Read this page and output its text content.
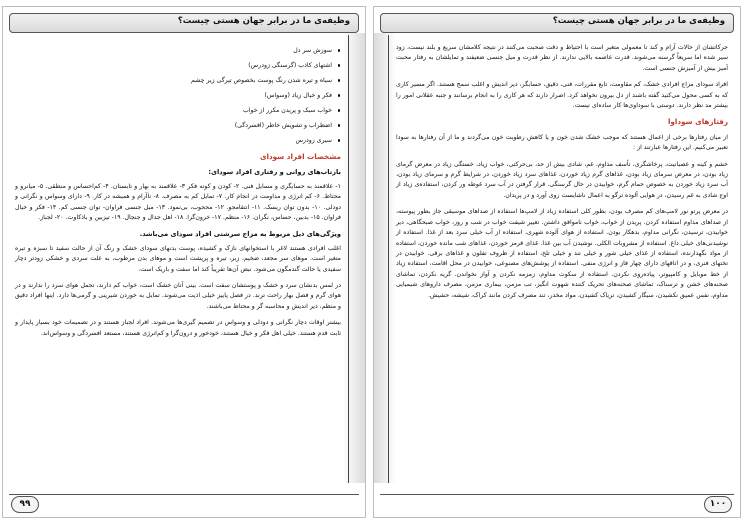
وظیفه‌ی ما در برابر جهان هستی چیست؟
سوزش سر دل
اشتهای کاذب (گرسنگی زودرس)
سیاه و تیره شدن رنگ پوست بخصوص تیرگی زیر چشم
فکر و خیال زیاد (وسواس)
خواب سبک و پریدن مکرر از خواب
اضطراب و تشویش خاطر (افسردگی)
سیری زودرس
مشخصات افراد سودای
بازتاب‌های روانی و رفتاری افراد سودای:

۱- علاقمند به حسابگری و مسایل فنی. ۲- کودن و کوته فکر ۳- علاقمند به بهار و تابستان. ۴- کم‌احساس و منطقی. ۵- میانرو و محتاط. ۶- کم انرژی و مداومت در انجام کار. ۷- تمایل کم به مصرف. ۸- ناآرام و همیشه در کار. ۹- دارای وسواس و نگرانی و دودلی. ۱۰- بدون توان ریسک. ۱۱- انتقامجو. ۱۲- محجوب، بی‌نمود. ۱۳- میل جنسی فراوان- توان جنسی کم. ۱۴- فکر و خیال فراوان. ۱۵- بدبین، حساس، نگران. ۱۶- منظم. ۱۷- خرون‌گرا. ۱۸- اهل جدال و جنجال. ۱۹- تیزبین و باذکاوت. ۲۰- لجباز.

ویژگی‌های ذیل مربوط به مزاج سرشتی افراد سودای می‌باشد.

اغلب افرادی هستند لاغر با استخوانهای نازک و کشیده، پوست بدنهای سودای خشک و رنگ آن از حالت سفید تا سبزه و تیره متغیر است. موهای سر مجعد، ضخیم، زبر، تیره و پرپشت است و موهای بدن مرطوب، به علت سردی و خشکی زودتر دچار سفیدی یا حالت گندمگون می‌شود. نبض آن‌ها تقریباً کند اما سفت و باریک است.

در لمس بدنشان سرد و خشک و پوستشان سفت است. بینی آنان خشک است، خواب کم دارند، تحمل هوای سرد را ندارند و در هوای گرم و فصل بهار راحت ترند. در فصل پاییز خیلی اذیت می‌شوند. تمایل به خوردن شیرینی و گرمی‌ها دارد. اینها افراد دقیق و منظم، دیر اندیش و محاسبه گر و محتاط می‌باشند.

بیشتر اوقات دچار نگرانی و دودلی و وسواس در تصمیم گیری‌ها می‌شوند. افراد لجباز هستند و در تصمیمات خود بسیار پایدار و ثابت قدم هستند. خیلی اهل فکر و خیال هستند، خودخور و درون‌گرا و کم‌انرژی هستند، مستعد افسردگی و وسواس‌اند.

۹۹
وظیفه‌ی ما در برابر جهان هستی چیست؟

حرکاتشان از حالات آرام و کند تا معمولی متغیر است با احتیاط و دقت صحبت می‌کنند در نتیجه کلامشان سریع و بلند نیست، زود سیر شده اما سریعاً گرسنه می‌شوند. قدرت عاصمه بالایی ندارند. از نظر قدرت و میل جنسی ضعیفند و تمایلشان به رفتار محبت آمیز بیش از آمیزش جنسی است.

افراد سودای مزاج افرادی خشک، کم مقاومت، تابع مقررات، فنی، دقیق، حسابگر، دیر اندیش و اغلب سمج هستند. اگر مسیر کاری که به کسی محول می‌کنید گفته باشند از دل بیرون نخواهد کرد. اصرار دارند که هر کاری را به انجام برسانند و جنبه عقلانی امور را بیشتر مد نظر دارند. دوستی با سوداوی‌ها کار ساده‌ای نیست.

رفتارهای سوداوا

از میان رفتارها برخی از اعمال هستند که موجب خشک شدن خون و یا کاهش رطوبت خون می‌گردند و ما از آن رفتارها به سودا تعبیر می‌کنیم. این رفتارها عبارتند از :

خشم و کینه و عصبانیت، پرخاشگری، تأسف مداوم، غم، شادی بیش از حد، بی‌حرکتی، خواب زیاد، خستگی زیاد در معرض گرمای زیاد بودن، در معرض سرمای زیاد بودن، غذاهای گرم زیاد خوردن، غذاهای سرد زیاد خوردن، در شرایط گرم و سرمای زیاد بودن، آب سرد زیاد خوردن به خصوص حمام گرم، خوابیدن در حال گرسنگی. قرار گرفتن در آب سرد غوطه ور کردن، استفاده‌ی زیاد از اوج شادی به غم رسیدن، در هوایی آلوده ترگو به اعمال ناشایست روی آورد و در پریدان.

در معرض پرتو نور لامپ‌های کم مصرف بودن، بطور کلی استفاده زیاد از لامپ‌ها استفاده از صداهای موسیقی جاز بطور پیوسته، از صداهای مداوم استفاده کردن. پریدن از خواب، خواب ناموافق داشتن. تغییر شیفت خواب در شب و روز، خواب صبحگاهی، دیر خوابیدن، ترسیدن، نگرانی مداوم، بدهکار بودن. استفاده از هوای آلوده شهری، استفاده از آب خیلی سرد بعد از غذا. استفاده از نوشیدنی‌های خیلی داغ. استفاده از مشروبات الکلی. نوشیدن آب بین غذا. غذای قرمز خوردن، غذاهای شب مانده خوردن، استفاده از مواد نگهدارنده، استفاده از غذای خیلی شور و خیلی تند و خیلی تلخ، استفاده از ظروف تفلون و غذاهای برقی. خوابیدن در تختهای فنری، و در اتاقهای دارای چهار فاز و انرژی منفی. استفاده از پوشش‌های مصنوعی، خوابیدن در محل اقامت، استفاده زیاد از خط موبایل و کامپیوتر، پیاده‌روی نکردن. استفاده از سکوت مداوم، زمزمه نکردن و آواز نخواندن. گریه نکردن، تماشای صحنه‌های خشن و ترسناک، تماشای صحنه‌های تحریک کننده شهوت انگیز، تب مزمن، بیماری مزمن، مصرف داروهای شیمیایی مداوم، نفس عمیق نکشیدن، سیگار کشیدن، تریاک کشیدن، مواد مخدر، تند مصرف کردن مانند کراک، شیشه، حشیش.

۱۰۰
